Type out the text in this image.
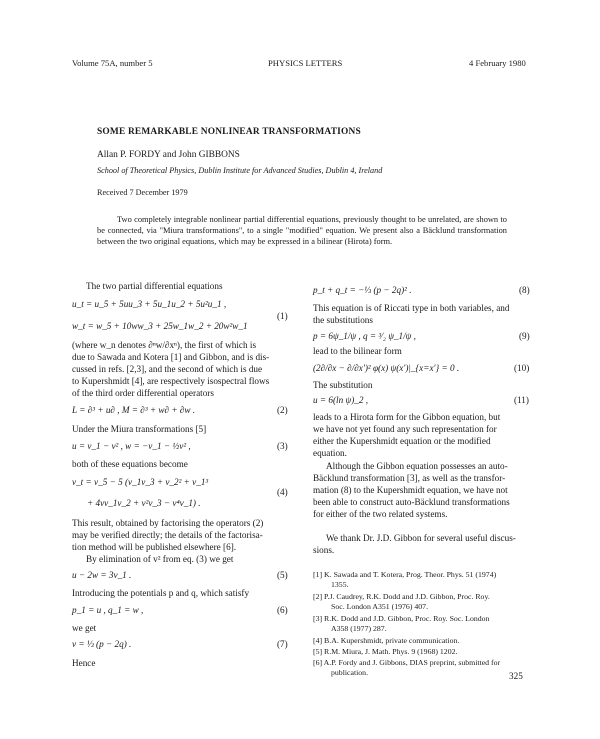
Volume 75A, number 5	PHYSICS LETTERS	4 February 1980
SOME REMARKABLE NONLINEAR TRANSFORMATIONS
Allan P. FORDY and John GIBBONS
School of Theoretical Physics, Dublin Institute for Advanced Studies, Dublin 4, Ireland
Received 7 December 1979
Two completely integrable nonlinear partial differential equations, previously thought to be unrelated, are shown to be connected, via "Miura transformations", to a single "modified" equation. We present also a Bäcklund transformation between the two original equations, which may be expressed in a bilinear (Hirota) form.
The two partial differential equations
u_t = u_5 + 5uu_3 + 5u_1u_2 + 5u²u_1 ,
w_t = w_5 + 10ww_3 + 25w_1w_2 + 20w²w_1
(where w_n denotes ∂ⁿw/∂xⁿ), the first of which is
due to Sawada and Kotera [1] and Gibbon, and is dis-
cussed in refs. [2,3], and the second of which is due
to Kupershmidt [4], are respectively isospectral flows
of the third order differential operators
L = ∂³ + u∂ , M = ∂³ + w∂ + ∂w .
Under the Miura transformations [5]
u = v_1 − v² , w = −v_1 − ½v² ,
both of these equations become
v_t = v_5 − 5 (v_1v_3 + v_2² + v_1³
+ 4vv_1v_2 + v²v_3 − v⁴v_1) .
This result, obtained by factorising the operators (2)
may be verified directly; the details of the factorisa-
tion method will be published elsewhere [6].
By elimination of v² from eq. (3) we get
u − 2w = 3v_1 .
Introducing the potentials p and q, which satisfy
p_1 = u , q_1 = w ,
we get
v = ⅓ (p − 2q) .
Hence
(1)
(2)
(3)
(4)
(5)
(6)
(7)
p_t + q_t = −⅓ (p − 2q)² .
This equation is of Riccati type in both variables, and
the substitutions
p = 6ψ_1/ψ , q = ³⁄₂ ψ_1/ψ ,
lead to the bilinear form
(2∂/∂x − ∂/∂x')² φ(x) ψ(x')|_{x=x'} = 0 .
The substitution
u = 6(ln ψ)_2 ,
leads to a Hirota form for the Gibbon equation, but
we have not yet found any such representation for
either the Kupershmidt equation or the modified
equation.
Although the Gibbon equation possesses an auto-
Bäcklund transformation [3], as well as the transfor-
mation (8) to the Kupershmidt equation, we have not
been able to construct auto-Bäcklund transformations
for either of the two related systems.
We thank Dr. J.D. Gibbon for several useful discus-
sions.
(8)
(9)
(10)
(11)
[1] K. Sawada and T. Kotera, Prog. Theor. Phys. 51 (1974)
1355.
[2] P.J. Caudrey, R.K. Dodd and J.D. Gibbon, Proc. Roy.
Soc. London A351 (1976) 407.
[3] R.K. Dodd and J.D. Gibbon, Proc. Roy. Soc. London
A358 (1977) 287.
[4] B.A. Kupershmidt, private communication.
[5] R.M. Miura, J. Math. Phys. 9 (1968) 1202.
[6] A.P. Fordy and J. Gibbons, DIAS preprint, submitted for
publication.	325
